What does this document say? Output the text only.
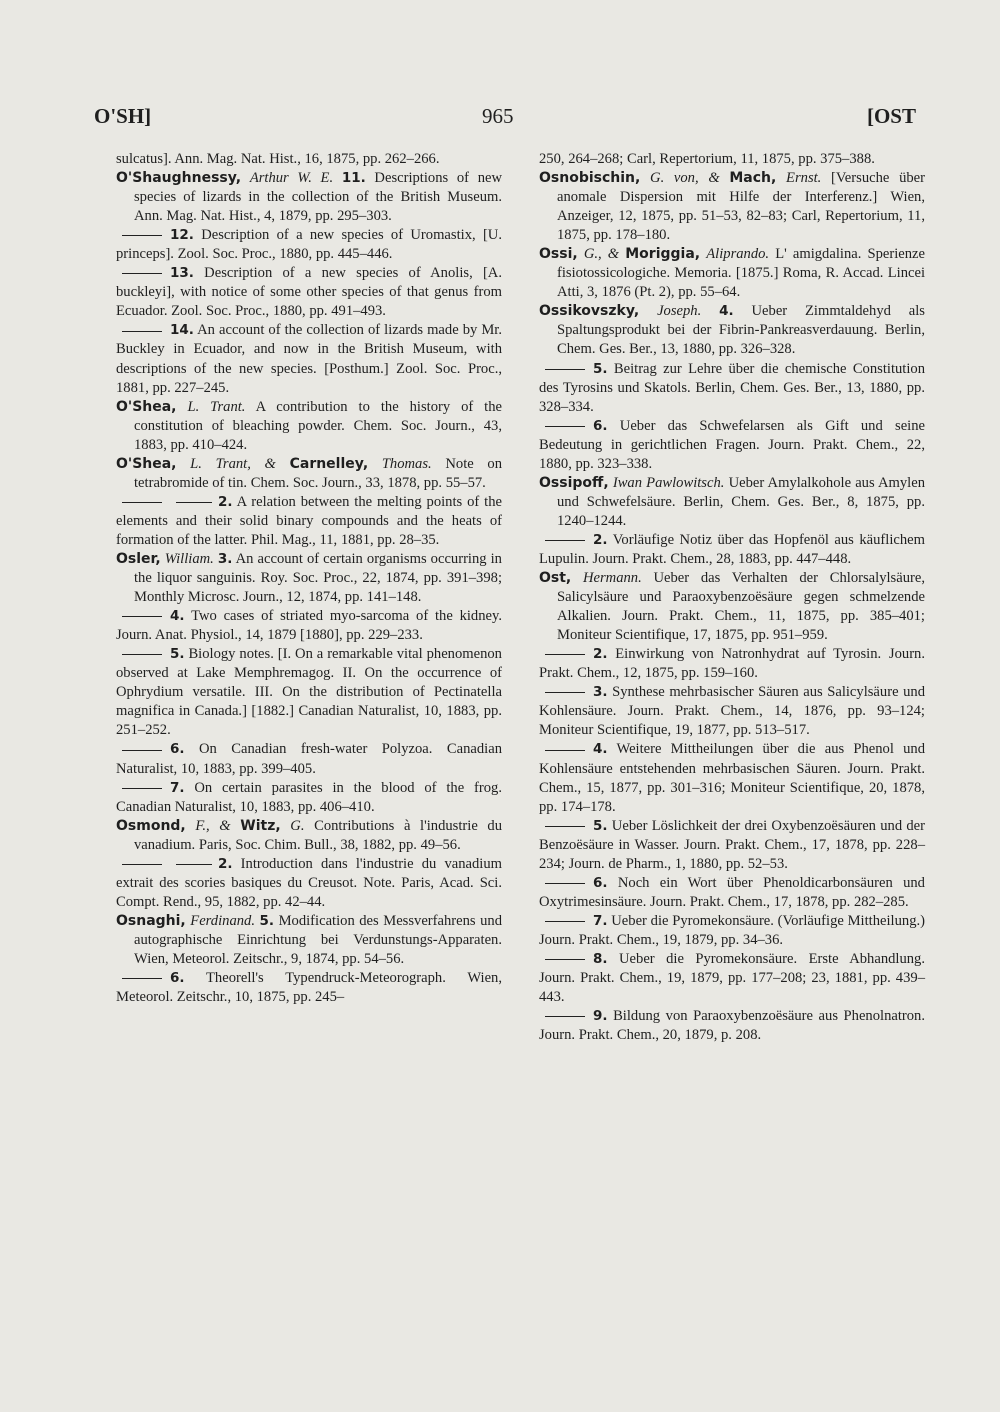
O'SH]	965	[OST

sulcatus]. Ann. Mag. Nat. Hist., 16, 1875, pp. 262–266.

O'Shaughnessy, Arthur W. E. 11. Descriptions of new species of lizards in the collection of the British Museum. Ann. Mag. Nat. Hist., 4, 1879, pp. 295–303.

12. Description of a new species of Uromastix, [U. princeps]. Zool. Soc. Proc., 1880, pp. 445–446.

13. Description of a new species of Anolis, [A. buckleyi], with notice of some other species of that genus from Ecuador. Zool. Soc. Proc., 1880, pp. 491–493.

14. An account of the collection of lizards made by Mr. Buckley in Ecuador, and now in the British Museum, with descriptions of the new species. [Posthum.] Zool. Soc. Proc., 1881, pp. 227–245.

O'Shea, L. Trant. A contribution to the history of the constitution of bleaching powder. Chem. Soc. Journ., 43, 1883, pp. 410–424.

O'Shea, L. Trant, & Carnelley, Thomas. Note on tetrabromide of tin. Chem. Soc. Journ., 33, 1878, pp. 55–57.

2. A relation between the melting points of the elements and their solid binary compounds and the heats of formation of the latter. Phil. Mag., 11, 1881, pp. 28–35.

Osler, William. 3. An account of certain organisms occurring in the liquor sanguinis. Roy. Soc. Proc., 22, 1874, pp. 391–398; Monthly Microsc. Journ., 12, 1874, pp. 141–148.

4. Two cases of striated myo-sarcoma of the kidney. Journ. Anat. Physiol., 14, 1879 [1880], pp. 229–233.

5. Biology notes. [I. On a remarkable vital phenomenon observed at Lake Memphremagog. II. On the occurrence of Ophrydium versatile. III. On the distribution of Pectinatella magnifica in Canada.] [1882.] Canadian Naturalist, 10, 1883, pp. 251–252.

6. On Canadian fresh-water Polyzoa. Canadian Naturalist, 10, 1883, pp. 399–405.

7. On certain parasites in the blood of the frog. Canadian Naturalist, 10, 1883, pp. 406–410.

Osmond, F., & Witz, G. Contributions à l'industrie du vanadium. Paris, Soc. Chim. Bull., 38, 1882, pp. 49–56.

2. Introduction dans l'industrie du vanadium extrait des scories basiques du Creusot. Note. Paris, Acad. Sci. Compt. Rend., 95, 1882, pp. 42–44.

Osnaghi, Ferdinand. 5. Modification des Messverfahrens und autographische Einrichtung bei Verdunstungs-Apparaten. Wien, Meteorol. Zeitschr., 9, 1874, pp. 54–56.

6. Theorell's Typendruck-Meteorograph. Wien, Meteorol. Zeitschr., 10, 1875, pp. 245–

250, 264–268; Carl, Repertorium, 11, 1875, pp. 375–388.

Osnobischin, G. von, & Mach, Ernst. [Versuche über anomale Dispersion mit Hilfe der Interferenz.] Wien, Anzeiger, 12, 1875, pp. 51–53, 82–83; Carl, Repertorium, 11, 1875, pp. 178–180.

Ossi, G., & Moriggia, Aliprando. L' amigdalina. Sperienze fisiotossicologiche. Memoria. [1875.] Roma, R. Accad. Lincei Atti, 3, 1876 (Pt. 2), pp. 55–64.

Ossikovszky, Joseph. 4. Ueber Zimmtaldehyd als Spaltungsprodukt bei der Fibrin-Pankreasverdauung. Berlin, Chem. Ges. Ber., 13, 1880, pp. 326–328.

5. Beitrag zur Lehre über die chemische Constitution des Tyrosins und Skatols. Berlin, Chem. Ges. Ber., 13, 1880, pp. 328–334.

6. Ueber das Schwefelarsen als Gift und seine Bedeutung in gerichtlichen Fragen. Journ. Prakt. Chem., 22, 1880, pp. 323–338.

Ossipoff, Iwan Pawlowitsch. Ueber Amylalkohole aus Amylen und Schwefelsäure. Berlin, Chem. Ges. Ber., 8, 1875, pp. 1240–1244.

2. Vorläufige Notiz über das Hopfenöl aus käuflichem Lupulin. Journ. Prakt. Chem., 28, 1883, pp. 447–448.

Ost, Hermann. Ueber das Verhalten der Chlorsalylsäure, Salicylsäure und Paraoxybenzoësäure gegen schmelzende Alkalien. Journ. Prakt. Chem., 11, 1875, pp. 385–401; Moniteur Scientifique, 17, 1875, pp. 951–959.

2. Einwirkung von Natronhydrat auf Tyrosin. Journ. Prakt. Chem., 12, 1875, pp. 159–160.

3. Synthese mehrbasischer Säuren aus Salicylsäure und Kohlensäure. Journ. Prakt. Chem., 14, 1876, pp. 93–124; Moniteur Scientifique, 19, 1877, pp. 513–517.

4. Weitere Mittheilungen über die aus Phenol und Kohlensäure entstehenden mehrbasischen Säuren. Journ. Prakt. Chem., 15, 1877, pp. 301–316; Moniteur Scientifique, 20, 1878, pp. 174–178.

5. Ueber Löslichkeit der drei Oxybenzoësäuren und der Benzoësäure in Wasser. Journ. Prakt. Chem., 17, 1878, pp. 228–234; Journ. de Pharm., 1, 1880, pp. 52–53.

6. Noch ein Wort über Phenoldicarbonsäuren und Oxytrimesinsäure. Journ. Prakt. Chem., 17, 1878, pp. 282–285.

7. Ueber die Pyromekonsäure. (Vorläufige Mittheilung.) Journ. Prakt. Chem., 19, 1879, pp. 34–36.

8. Ueber die Pyromekonsäure. Erste Abhandlung. Journ. Prakt. Chem., 19, 1879, pp. 177–208; 23, 1881, pp. 439–443.

9. Bildung von Paraoxybenzoësäure aus Phenolnatron. Journ. Prakt. Chem., 20, 1879, p. 208.
